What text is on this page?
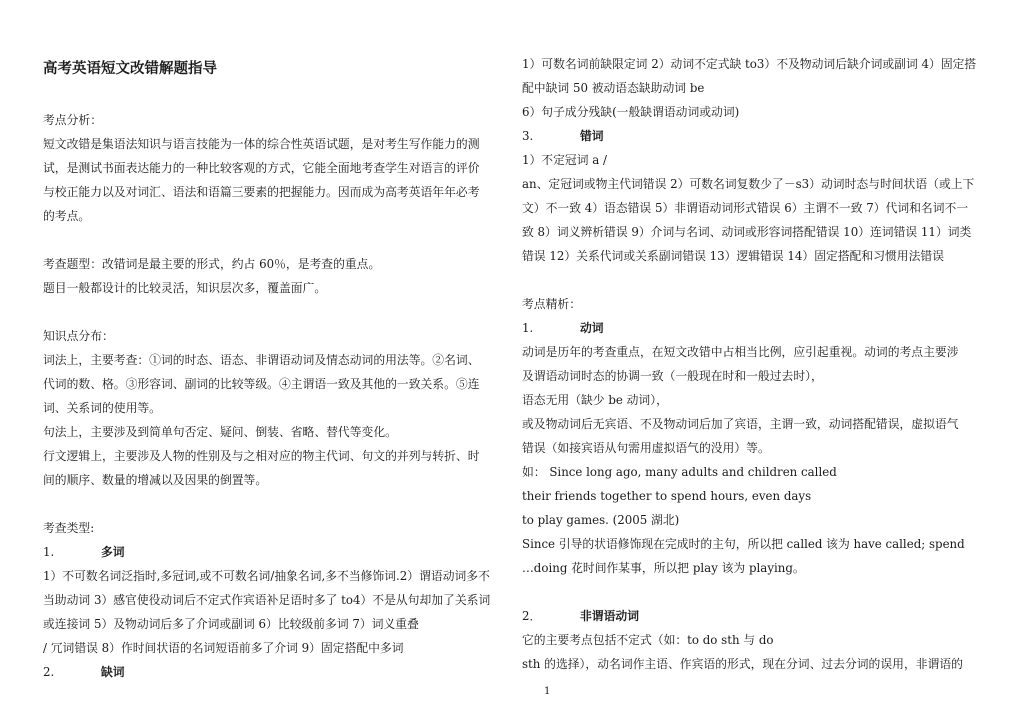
高考英语短文改错解题指导
考点分析：
短文改错是集语法知识与语言技能为一体的综合性英语试题，是对考生写作能力的测
试，是测试书面表达能力的一种比较客观的方式，它能全面地考查学生对语言的评价
与校正能力以及对词汇、语法和语篇三要素的把握能力。因而成为高考英语年年必考
的考点。
考查题型：改错词是最主要的形式，约占 60％，是考查的重点。
题目一般都设计的比较灵活，知识层次多，覆盖面广。
知识点分布：
词法上，主要考查：①词的时态、语态、非谓语动词及情态动词的用法等。②名词、
代词的数、格。③形容词、副词的比较等级。④主谓语一致及其他的一致关系。⑤连
词、关系词的使用等。
句法上，主要涉及到简单句否定、疑问、倒装、省略、替代等变化。
行文逻辑上，主要涉及人物的性别及与之相对应的物主代词、句文的并列与转折、时
间的顺序、数量的增减以及因果的倒置等。
考查类型:
1.	多词
1）不可数名词泛指时,多冠词,或不可数名词/抽象名词,多不当修饰词.2）谓语动词多不
当助动词 3）感官使役动词后不定式作宾语补足语时多了 to4）不是从句却加了关系词
或连接词 5）及物动词后多了介词或副词 6）比较级前多词 7）词义重叠
/ 冗词错误 8）作时间状语的名词短语前多了介词 9）固定搭配中多词
2.	缺词
1）可数名词前缺限定词 2）动词不定式缺 to3）不及物动词后缺介词或副词 4）固定搭
配中缺词 50 被动语态缺助动词 be
6）句子成分残缺(一般缺谓语动词或动词)
3.	错词
1）不定冠词 a /
an、定冠词或物主代词错误 2）可数名词复数少了－s3）动词时态与时间状语（或上下
文）不一致 4）语态错误 5）非谓语动词形式错误 6）主谓不一致 7）代词和名词不一
致 8）词义辨析错误 9）介词与名词、动词或形容词搭配错误 10）连词错误 11）词类
错误 12）关系代词或关系副词错误 13）逻辑错误 14）固定搭配和习惯用法错误
考点精析：
1.	动词
动词是历年的考查重点，在短文改错中占相当比例，应引起重视。动词的考点主要涉
及谓语动词时态的协调一致（一般现在时和一般过去时），
语态无用（缺少 be 动词），
或及物动词后无宾语、不及物动词后加了宾语，主谓一致，动词搭配错误，虚拟语气
错误（如接宾语从句需用虚拟语气的没用）等。
如： Since long ago, many adults and children called
their friends together to spend hours, even days
to play games. (2005 湖北)
Since 引导的状语修饰现在完成时的主句，所以把 called 该为 have called; spend
…doing 花时间作某事，所以把 play 该为 playing。
2．	非谓语动词
它的主要考点包括不定式（如：to do sth 与 do
sth 的选择），动名词作主语、作宾语的形式，现在分词、过去分词的误用，非谓语的
1
